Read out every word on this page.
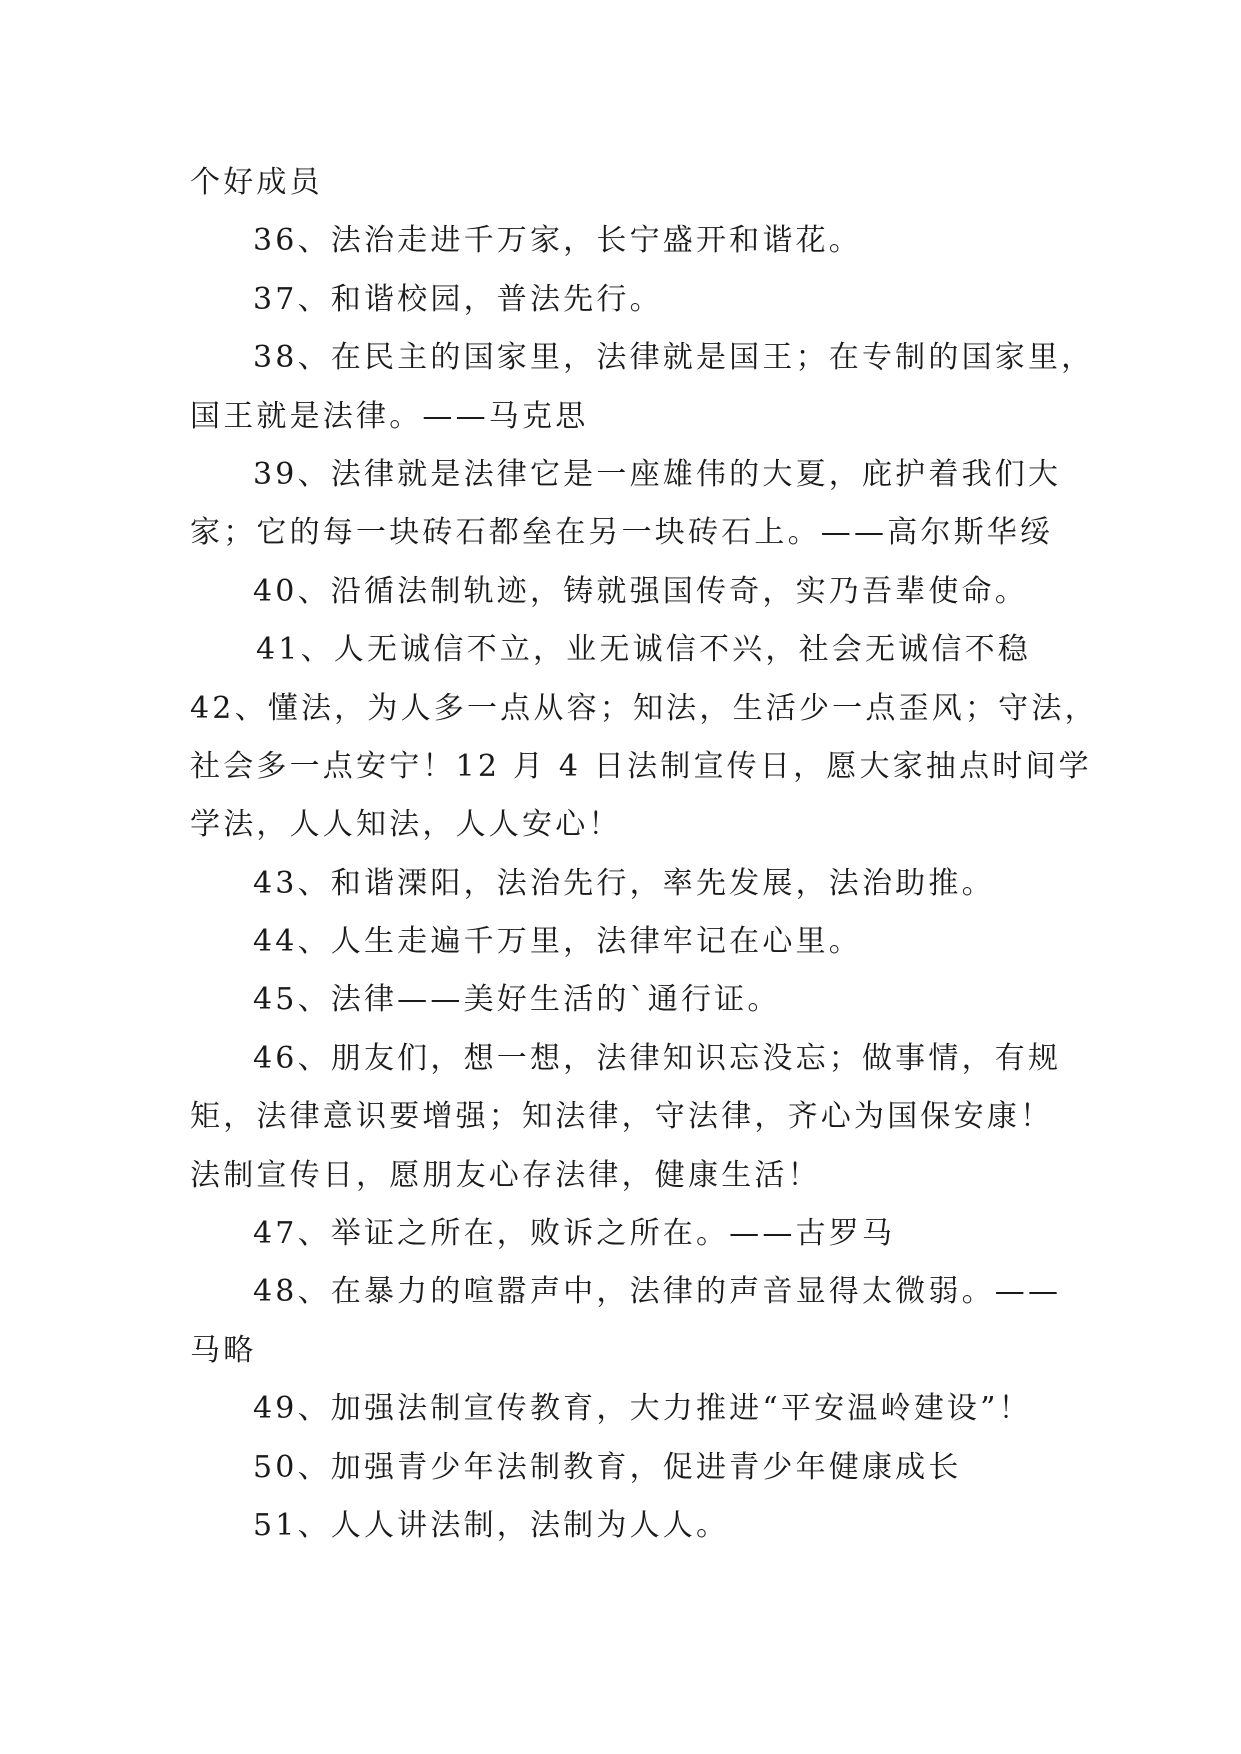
个好成员
36、法治走进千万家，长宁盛开和谐花。
37、和谐校园，普法先行。
38、在民主的国家里，法律就是国王；在专制的国家里，
国王就是法律。——马克思
39、法律就是法律它是一座雄伟的大夏，庇护着我们大
家；它的每一块砖石都垒在另一块砖石上。——高尔斯华绥
40、沿循法制轨迹，铸就强国传奇，实乃吾辈使命。
41、人无诚信不立，业无诚信不兴，社会无诚信不稳
42、懂法，为人多一点从容；知法，生活少一点歪风；守法，
社会多一点安宁！12 月 4 日法制宣传日，愿大家抽点时间学
学法，人人知法，人人安心！
43、和谐溧阳，法治先行，率先发展，法治助推。
44、人生走遍千万里，法律牢记在心里。
45、法律——美好生活的`通行证。
46、朋友们，想一想，法律知识忘没忘；做事情，有规
矩，法律意识要增强；知法律，守法律，齐心为国保安康！
法制宣传日，愿朋友心存法律，健康生活！
47、举证之所在，败诉之所在。——古罗马
48、在暴力的喧嚣声中，法律的声音显得太微弱。——
马略
49、加强法制宣传教育，大力推进“平安温岭建设”！
50、加强青少年法制教育，促进青少年健康成长
51、人人讲法制，法制为人人。
